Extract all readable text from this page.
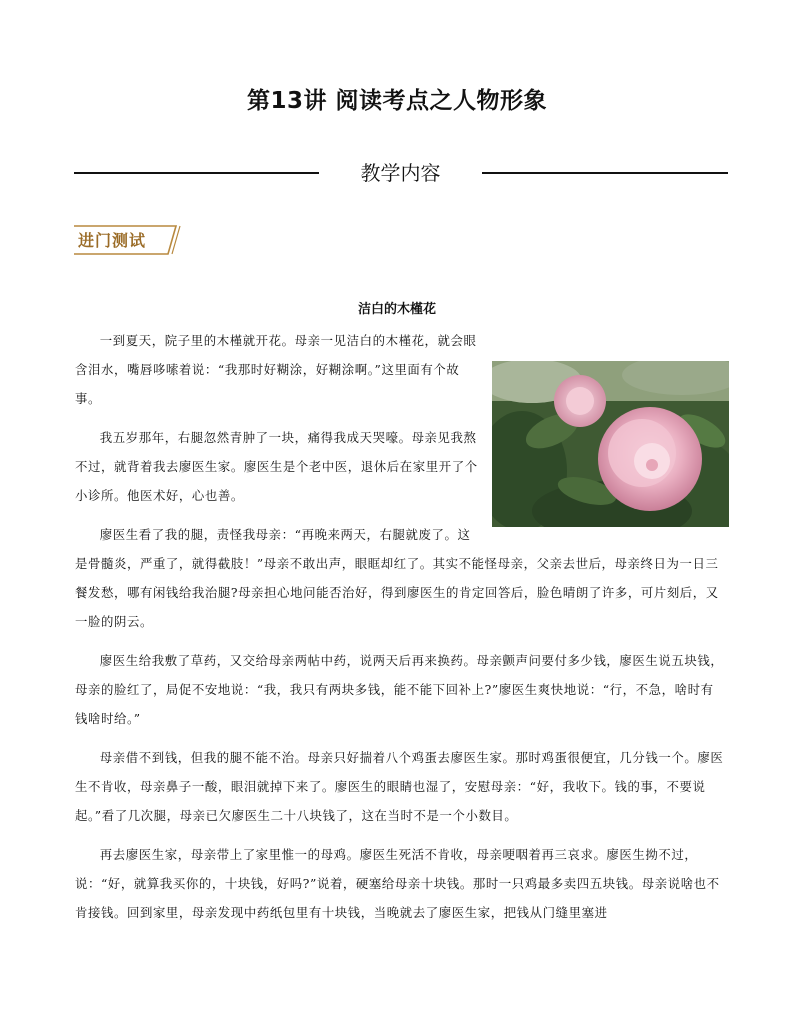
第13讲 阅读考点之人物形象
教学内容
进门测试
洁白的木槿花

一到夏天，院子里的木槿就开花。母亲一见洁白的木槿花，就会眼含泪水，嘴唇哆嗦着说：“我那时好糊涂，好糊涂啊。”这里面有个故事。

我五岁那年，右腿忽然青肿了一块，痛得我成天哭嚎。母亲见我熬不过，就背着我去廖医生家。廖医生是个老中医，退休后在家里开了个小诊所。他医术好，心也善。

廖医生看了我的腿，责怪我母亲：“再晚来两天，右腿就废了。这是骨髓炎，严重了，就得截肢！”母亲不敢出声，眼眶却红了。其实不能怪母亲，父亲去世后，母亲终日为一日三餐发愁，哪有闲钱给我治腿?母亲担心地问能否治好，得到廖医生的肯定回答后，脸色晴朗了许多，可片刻后，又一脸的阴云。

廖医生给我敷了草药，又交给母亲两帖中药，说两天后再来换药。母亲颤声问要付多少钱，廖医生说五块钱，母亲的脸红了，局促不安地说：“我，我只有两块多钱，能不能下回补上?”廖医生爽快地说：“行，不急，啥时有钱啥时给。”

母亲借不到钱，但我的腿不能不治。母亲只好揣着八个鸡蛋去廖医生家。那时鸡蛋很便宜，几分钱一个。廖医生不肯收，母亲鼻子一酸，眼泪就掉下来了。廖医生的眼睛也湿了，安慰母亲：“好，我收下。钱的事，不要说起。”看了几次腿，母亲已欠廖医生二十八块钱了，这在当时不是一个小数目。

再去廖医生家，母亲带上了家里惟一的母鸡。廖医生死活不肯收，母亲哽咽着再三哀求。廖医生拗不过，说：“好，就算我买你的，十块钱，好吗?”说着，硬塞给母亲十块钱。那时一只鸡最多卖四五块钱。母亲说啥也不肯接钱。回到家里，母亲发现中药纸包里有十块钱，当晚就去了廖医生家，把钱从门缝里塞进
